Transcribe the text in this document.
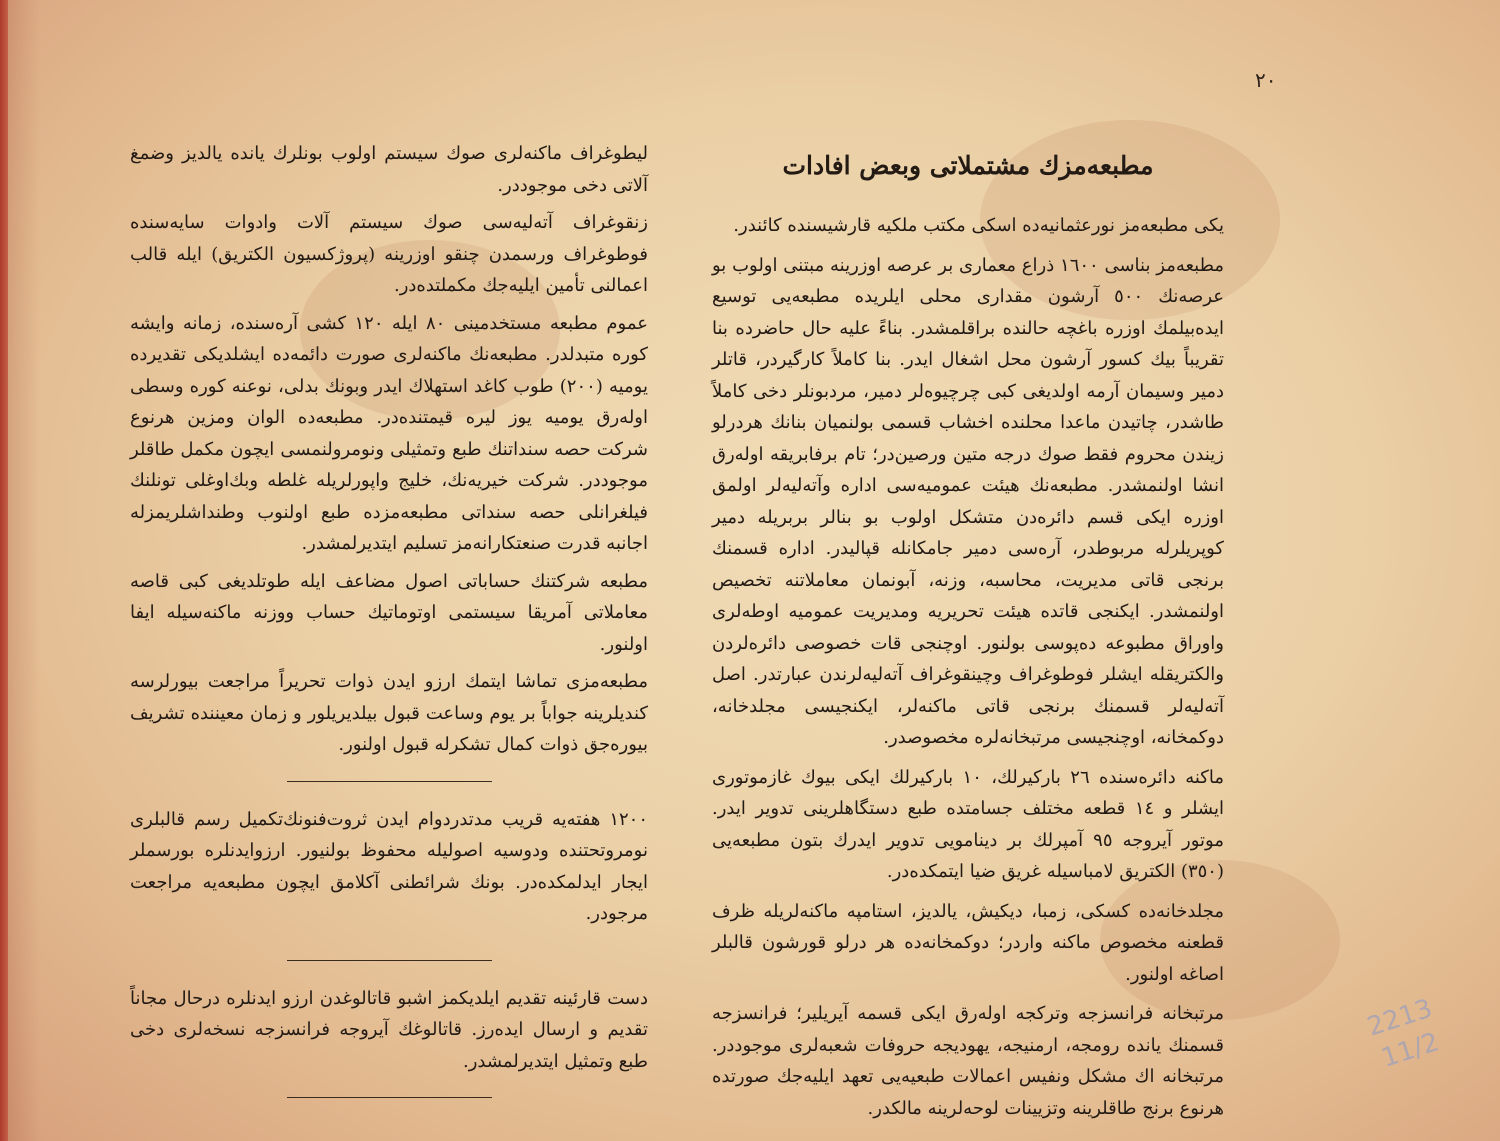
٢٠
مطبعه‌مزك مشتملاتی وبعض افادات

يكی مطبعه‌مز نورعثمانيه‌ده اسكی مكتب ملكيه قارشيسنده كائندر.

مطبعه‌مز بناسی ١٦٠٠ ذراع معماری بر عرصه اوزرينه مبتنی اولوب بو عرصه‌نك ٥٠٠ آرشون مقداری محلی ايلريده مطبعه‌يی توسيع ايده‌بيلمك اوزره باغچه حالنده براقلمشدر. بناءً عليه حال حاضرده بنا تقريباً بيك كسور آرشون محل اشغال ايدر. بنا كاملاً كارگيردر، قاتلر دمير وسيمان آرمه اولديغی كبی چرچيوه‌لر دمير، مردبونلر دخی كاملاً طاشدر، چاتيدن ماعدا محلنده اخشاب قسمی بولنميان بنانك هردرلو زيندن محروم فقط صوك درجه متين ورصين‌در؛ تام برفابريقه اوله‌رق انشا اولنمشدر. مطبعه‌نك هيئت عموميه‌سی اداره وآته‌ليه‌لر اولمق اوزره ايكی قسم دائره‌دن متشكل اولوب بو بنالر بربريله دمير كوپريلرله مربوطدر، آره‌سی دمير جامكانله قپاليدر. اداره قسمنك برنجی قاتی مديريت، محاسبه، وزنه، آبونمان معاملاتنه تخصيص اولنمشدر. ايكنجی قاتده هيئت تحريريه ومديريت عموميه اوطه‌لری واوراق مطبوعه ده‌پوسی بولنور. اوچنجی قات خصوصی دائره‌لردن والكتريقله ايشلر فوطوغراف وچينقوغراف آته‌ليه‌لرندن عبارتدر. اصل آته‌ليه‌لر قسمنك برنجی قاتی ماكنه‌لر، ايكنجيسی مجلدخانه، دوكمخانه، اوچنجيسی مرتبخانه‌لره مخصوصدر.

ماكنه دائره‌سنده ٢٦ باركيرلك، ١٠ باركيرلك ايكی بيوك غازموتوری ايشلر و ١٤ قطعه مختلف جسامتده طبع دستگاهلرينی تدوير ايدر. موتور آيروجه ٩٥ آمپرلك بر دينامويی تدوير ايدرك بتون مطبعه‌يی (٣٥٠) الكتريق لامباسيله غريق ضيا ايتمكده‌در.

مجلدخانه‌ده كسكی، زمبا، ديكيش، يالديز، استامپه ماكنه‌لريله ظرف قطعنه مخصوص ماكنه واردر؛ دوكمخانه‌ده هر درلو قورشون قالبلر اصاغه اولنور.

مرتبخانه فرانسزجه وتركجه اوله‌رق ايكی قسمه آيريلير؛ فرانسزجه قسمنك يانده رومجه، ارمنيجه، يهوديجه حروفات شعبه‌لری موجوددر. مرتبخانه اك مشكل ونفيس اعمالات طبعيه‌يی تعهد ايليه‌جك صورتده هرنوع برنج طاقلرينه وتزيينات لوحه‌لرينه مالكدر.

ليطوغراف ماكنه‌لری صوك سيستم اولوب بونلرك يانده يالديز وضمغ آلاتی دخی موجوددر.

زنقوغراف آته‌ليه‌سی صوك سيستم آلات وادوات سايه‌سنده فوطوغراف ورسمدن چنقو اوزرينه (پروژكسيون الكتريق) ايله قالب اعمالنی تأمين ايليه‌جك مكملتده‌در.

عموم مطبعه مستخدمينی ٨٠ ايله ١٢٠ كشی آره‌سنده، زمانه وايشه كوره متبدلدر. مطبعه‌نك ماكنه‌لری صورت دائمه‌ده ايشلديكی تقديرده يوميه (٢٠٠) طوب كاغد استهلاك ايدر وبونك بدلی، نوعنه كوره وسطی اوله‌رق يوميه يوز ليره قيمتنده‌در. مطبعه‌ده الوان ومزين هرنوع شركت حصه سنداتنك طبع وتمثيلی ونومرولنمسی ايچون مكمل طاقلر موجوددر. شركت خيريه‌نك، خليج واپورلريله غلطه وبك‌اوغلی تونلنك فيلغرانلی حصه سنداتی مطبعه‌مزده طبع اولنوب وطنداشلريمزله اجانبه قدرت صنعتكارانه‌مز تسليم ايتديرلمشدر.

مطبعه شركتنك حساباتی اصول مضاعف ايله طوتلديغی كبی قاصه معاملاتی آمريقا سيستمی اوتوماتيك حساب ووزنه ماكنه‌سيله ايفا اولنور.

مطبعه‌مزی تماشا ايتمك ارزو ايدن ذوات تحريراً مراجعت بيورلرسه كنديلرينه جواباً بر يوم وساعت قبول بيلديريلور و زمان معيننده تشريف بيوره‌جق ذوات كمال تشكرله قبول اولنور.

١٢٠٠ هفته‌يه قريب مدتدردوام ايدن ثروت‌فنونك‌تكميل رسم قالبلری نومروتحتنده ودوسيه اصوليله محفوظ بولنيور. ارزوايدنلره بورسملر ايجار ايدلمكده‌در. بونك شرائطنی آكلامق ايچون مطبعه‌يه مراجعت مرجودر.

دست قارئينه تقديم ايلديكمز اشبو قاتالوغدن ارزو ايدنلره درحال مجاناً تقديم و ارسال ايده‌رز. قاتالوغك آيروجه فرانسزجه نسخه‌لری دخی طبع وتمثيل ايتديرلمشدر.

2213
11/2
